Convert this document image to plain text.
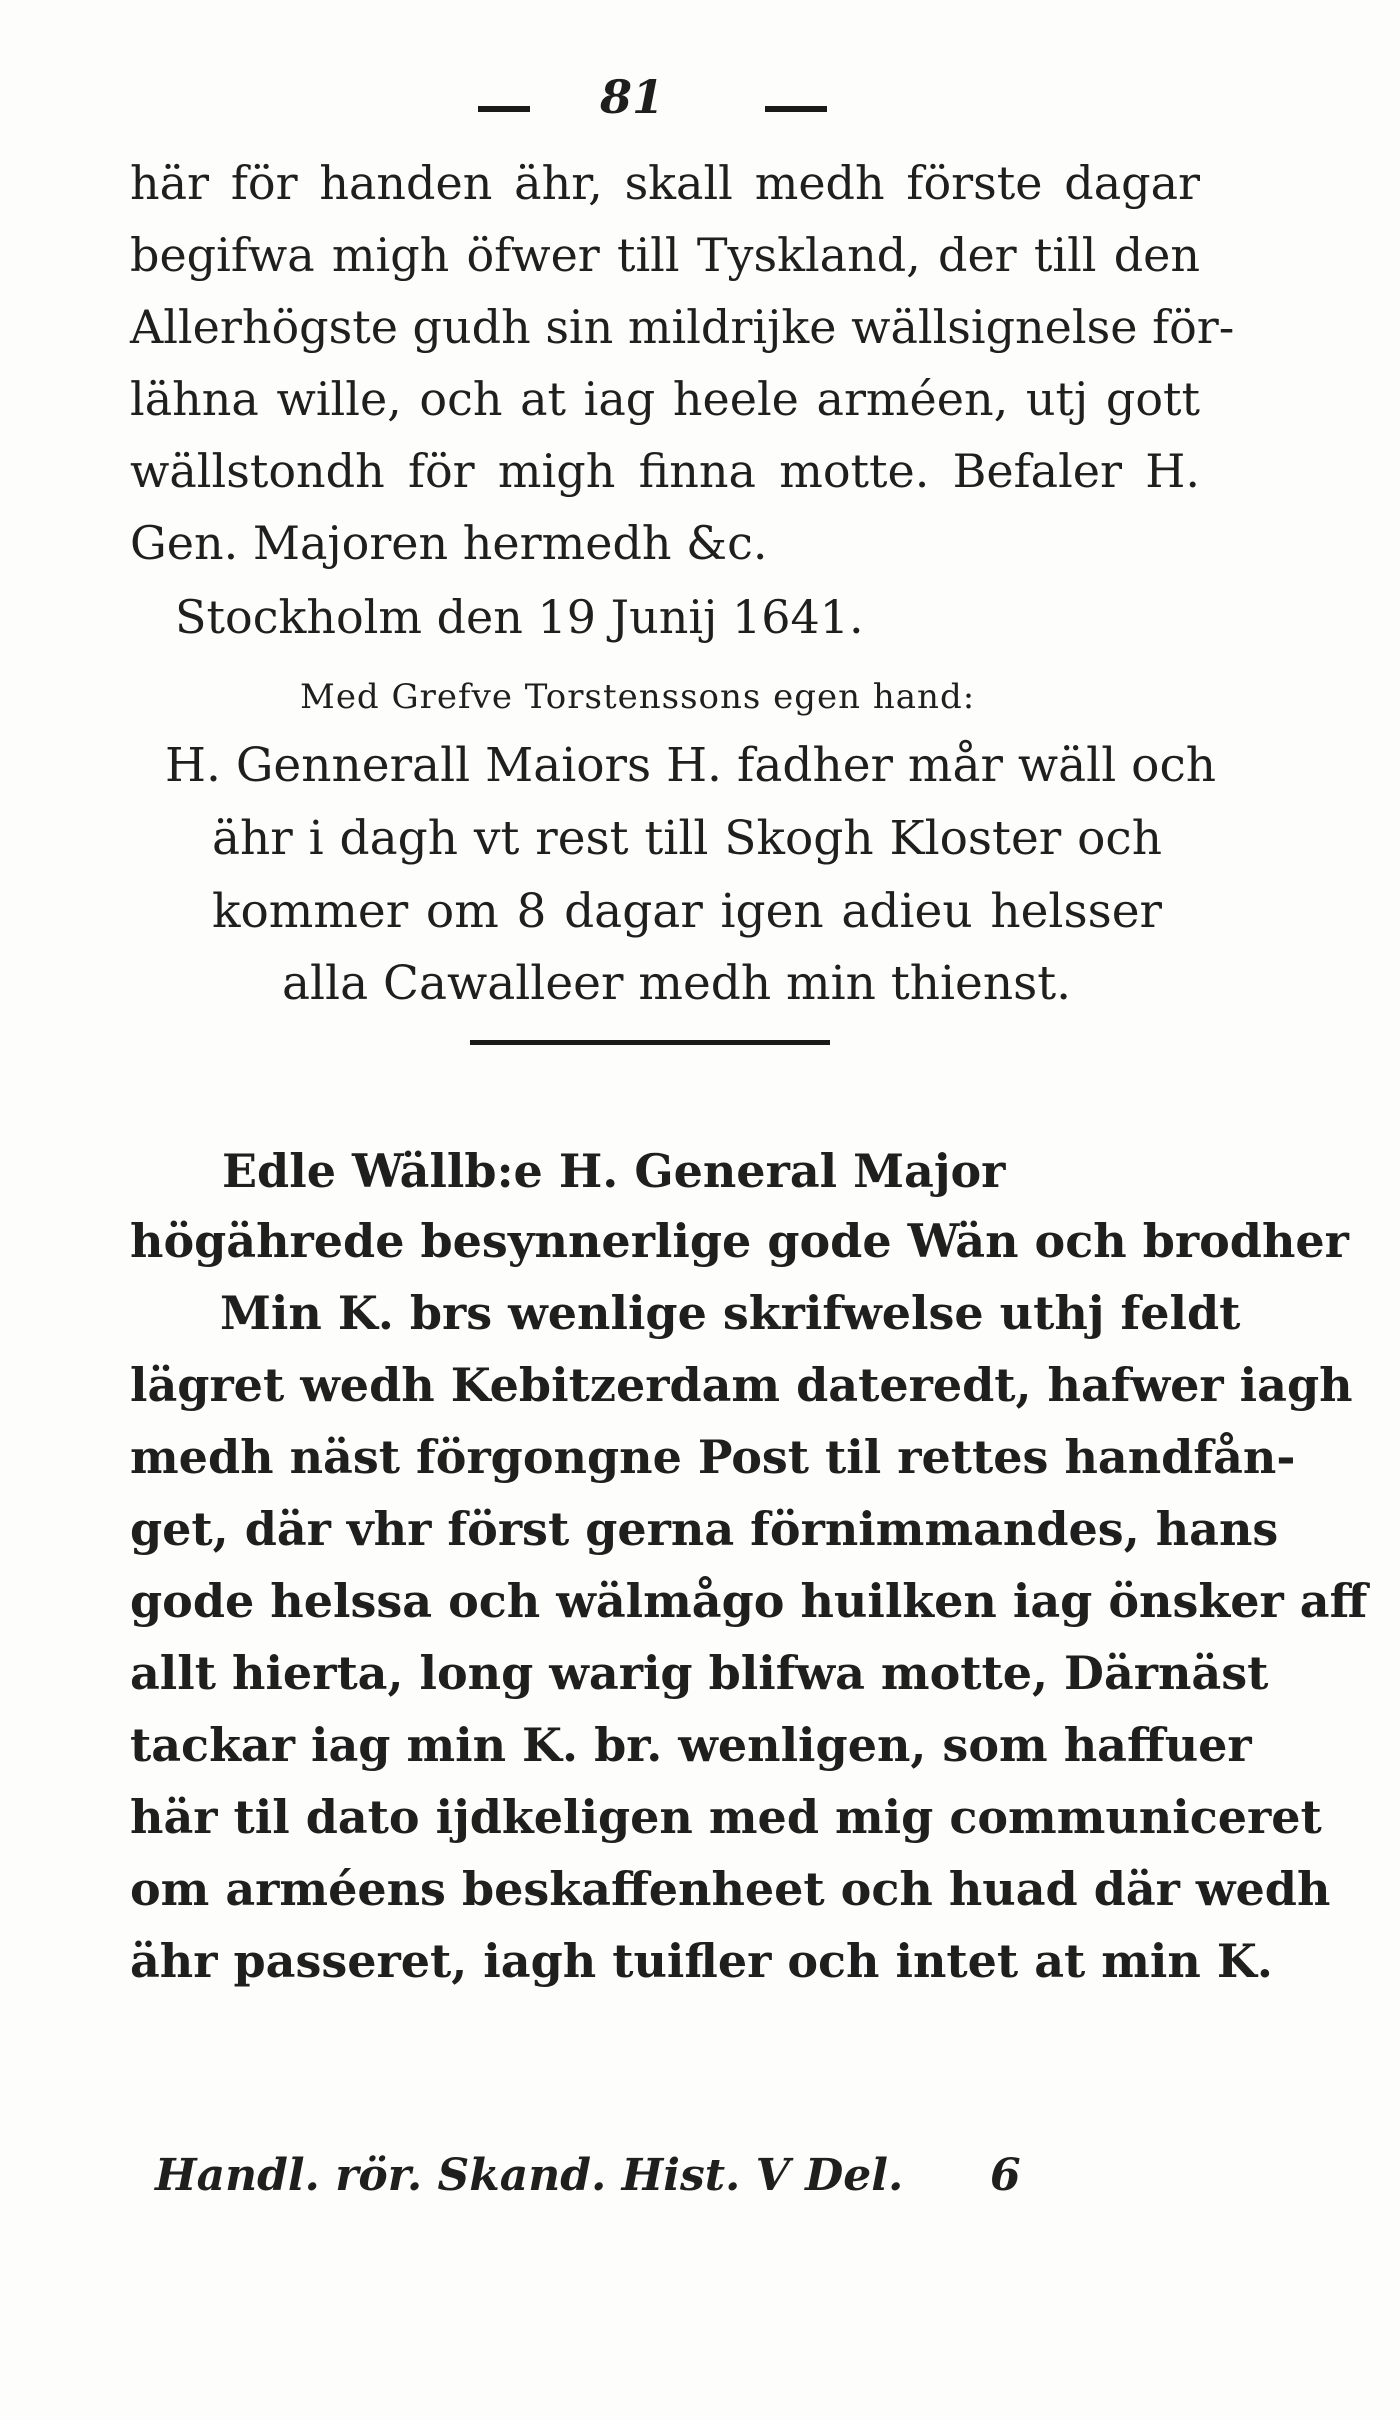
81
här för handen ähr, skall medh förste dagar
begifwa migh öfwer till Tyskland, der till den
Allerhögste gudh sin mildrijke wällsignelse för-
lähna wille, och at iag heele arméen, utj gott
wällstondh för migh finna motte. Befaler H.
Gen. Majoren hermedh &c.
Stockholm den 19 Junij 1641.
Med Grefve Torstenssons egen hand:
H. Gennerall Maiors H. fadher mår wäll och
ähr i dagh vt rest till Skogh Kloster och
kommer om 8 dagar igen adieu helsser
alla Cawalleer medh min thienst.
Edle Wällb:e H. General Major
högährede besynnerlige gode Wän och brodher
Min K. brs wenlige skrifwelse uthj feldt
lägret wedh Kebitzerdam dateredt, hafwer iagh
medh näst förgongne Post til rettes handfån-
get, där vhr först gerna förnimmandes, hans
gode helssa och wälmågo huilken iag önsker aff
allt hierta, long warig blifwa motte, Därnäst
tackar iag min K. br. wenligen, som haffuer
här til dato ijdkeligen med mig communiceret
om arméens beskaffenheet och huad där wedh
ähr passeret, iagh tuifler och intet at min K.
Handl. rör. Skand. Hist. V Del. 6
